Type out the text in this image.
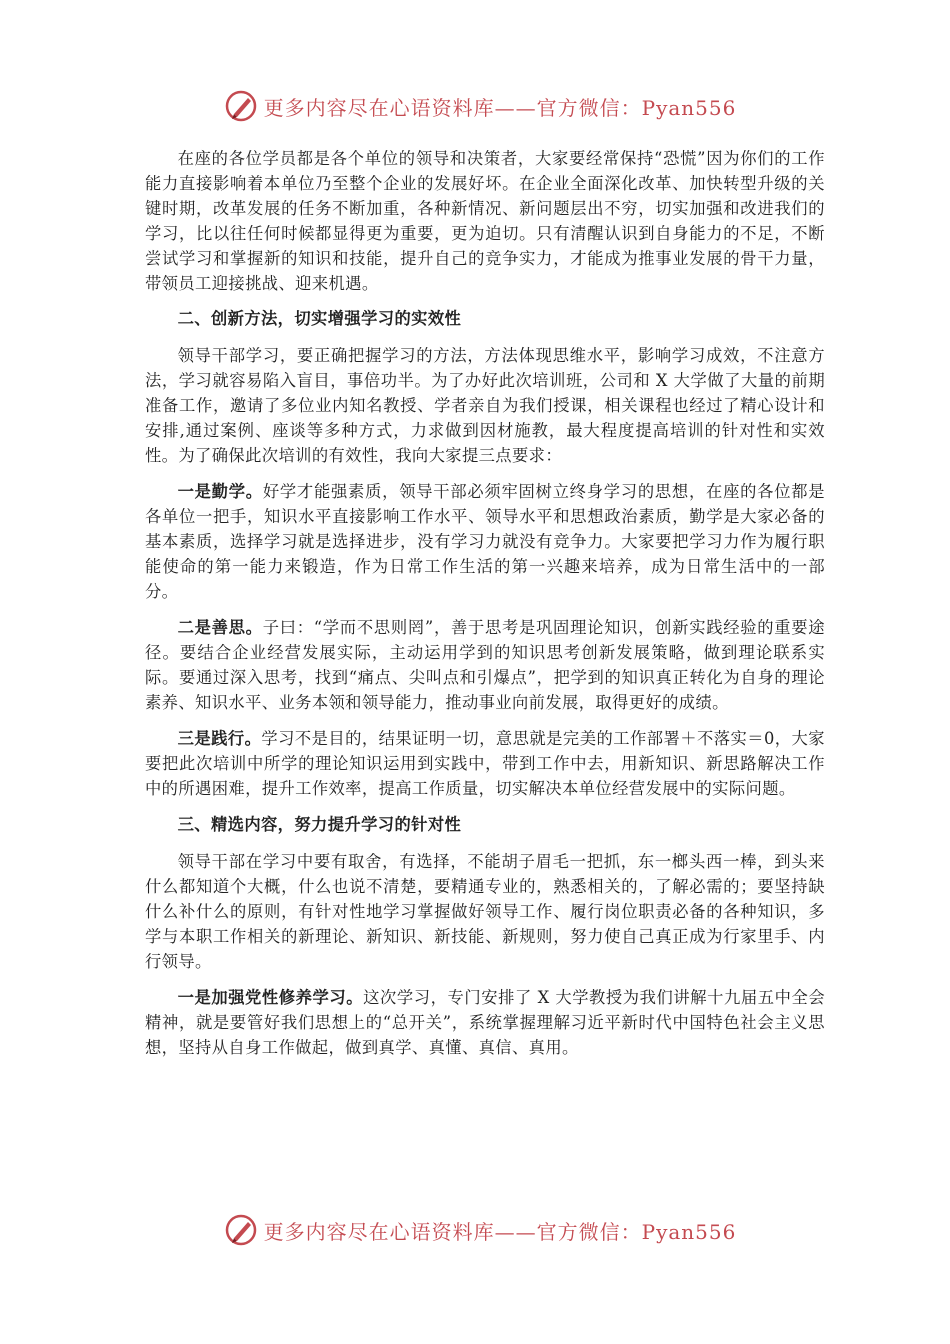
更多内容尽在心语资料库——官方微信：Pyan556

在座的各位学员都是各个单位的领导和决策者，大家要经常保持“恐慌”因为你们的工作能力直接影响着本单位乃至整个企业的发展好坏。在企业全面深化改革、加快转型升级的关键时期，改革发展的任务不断加重，各种新情况、新问题层出不穷，切实加强和改进我们的学习，比以往任何时候都显得更为重要，更为迫切。只有清醒认识到自身能力的不足，不断尝试学习和掌握新的知识和技能，提升自己的竞争实力，才能成为推事业发展的骨干力量，带领员工迎接挑战、迎来机遇。

二、创新方法，切实增强学习的实效性

领导干部学习，要正确把握学习的方法，方法体现思维水平，影响学习成效，不注意方法，学习就容易陷入盲目，事倍功半。为了办好此次培训班，公司和 X 大学做了大量的前期准备工作，邀请了多位业内知名教授、学者亲自为我们授课，相关课程也经过了精心设计和安排,通过案例、座谈等多种方式，力求做到因材施教，最大程度提高培训的针对性和实效性。为了确保此次培训的有效性，我向大家提三点要求：

一是勤学。好学才能强素质，领导干部必须牢固树立终身学习的思想，在座的各位都是各单位一把手，知识水平直接影响工作水平、领导水平和思想政治素质，勤学是大家必备的基本素质，选择学习就是选择进步，没有学习力就没有竞争力。大家要把学习力作为履行职能使命的第一能力来锻造，作为日常工作生活的第一兴趣来培养，成为日常生活中的一部分。

二是善思。子曰：“学而不思则罔”，善于思考是巩固理论知识，创新实践经验的重要途径。要结合企业经营发展实际，主动运用学到的知识思考创新发展策略，做到理论联系实际。要通过深入思考，找到“痛点、尖叫点和引爆点”，把学到的知识真正转化为自身的理论素养、知识水平、业务本领和领导能力，推动事业向前发展，取得更好的成绩。

三是践行。学习不是目的，结果证明一切，意思就是完美的工作部署＋不落实＝0，大家要把此次培训中所学的理论知识运用到实践中，带到工作中去，用新知识、新思路解决工作中的所遇困难，提升工作效率，提高工作质量，切实解决本单位经营发展中的实际问题。

三、精选内容，努力提升学习的针对性

领导干部在学习中要有取舍，有选择，不能胡子眉毛一把抓，东一榔头西一棒，到头来什么都知道个大概，什么也说不清楚，要精通专业的，熟悉相关的，了解必需的；要坚持缺什么补什么的原则，有针对性地学习掌握做好领导工作、履行岗位职责必备的各种知识，多学与本职工作相关的新理论、新知识、新技能、新规则，努力使自己真正成为行家里手、内行领导。

一是加强党性修养学习。这次学习，专门安排了 X 大学教授为我们讲解十九届五中全会精神，就是要管好我们思想上的“总开关”，系统掌握理解习近平新时代中国特色社会主义思想，坚持从自身工作做起，做到真学、真懂、真信、真用。

更多内容尽在心语资料库——官方微信：Pyan556
